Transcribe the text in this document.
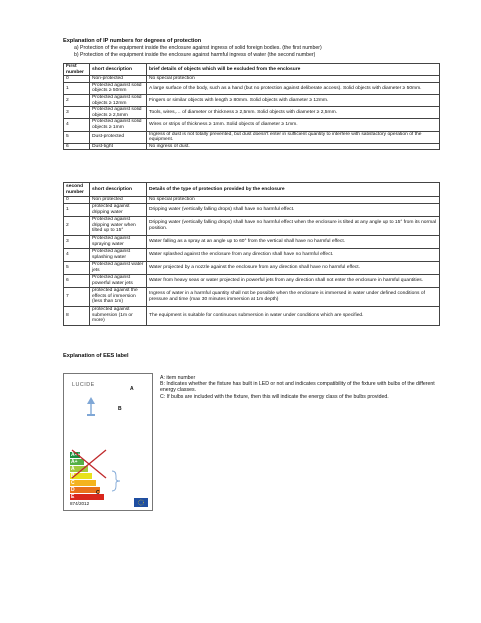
Explanation of IP numbers for degrees of protection
a) Protection of the equipment inside the enclosure against ingress of solid foreign bodies. (the first number)
b) Protection of the equipment inside the enclosure against harmful ingress of water (the second number)
First number	short description	brief details of objects which will be excluded from the enclosure
0	Non-protected	No special protection
1	Protected against solid objects ≥ 50mm	A large surface of the body, such as a hand (but no protection against deliberate access). Solid objects with diameter ≥ 50mm.
2	Protected against solid objects ≥ 12mm	Fingers or similar objects with length ≥ 80mm. Solid objects with diameter ≥ 12mm.
3	Protected against solid objects ≥ 2,5mm	Tools, wires,… of diameter or thickness ≥ 2,5mm. Solid objects with diameter ≥ 2,5mm.
4	Protected against solid objects ≥ 1mm	Wires or strips of thickness ≥ 1mm. Solid objects of diameter ≥ 1mm.
5	Dust-protected	Ingress of dust is not totally prevented, but dust doesn't enter in sufficient quantity to interfere with satisfactory operation of the equipment.
6	Dust-tight	No ingress of dust.
second number	short description	Details of the type of protection provided by the enclosure
0	Non protected	No special protection
1	protected against dripping water	Dripping water (vertically falling drops) shall have no harmful effect.
2	Protected against dripping water when tilted up to 15°	Dripping water (vertically falling drops) shall have no harmful effect when the enclosure is tilted at any angle up to 15° from its normal position.
3	Protected against spraying water	Water falling as a spray at an angle up to 60° from the vertical shall have no harmful effect.
4	Protected against splashing water	Water splashed against the enclosure from any direction shall have no harmful effect.
5	Protected against water jets	Water projected by a nozzle against the enclosure from any direction shall have no harmful effect.
6	Protected against powerful water jets	Water from heavy seas or water projected in powerful jets from any direction shall not enter the enclosure in harmful quantities.
7	protected against the effects of immersion (less than 1m)	Ingress of water in a harmful quantity shall not be possible when the enclosure is immersed in water under defined conditions of pressure and time (max 30 minutes immersion at 1m depth)
8	protected against submersion (1m or more)	The equipment is suitable for continuous submersion in water under conditions which are specified.
Explanation of EES label
LUCIDE
A
B
A++
A+
A
B
C
D
E
C
874/2012
A: item number
B: Indicates whether the fixture has built in LED or not and indicates compatibility of the fixture with bulbs of the different energy classes.
C: If bulbs are included with the fixture, then this will indicate the energy class of the bulbs provided.
